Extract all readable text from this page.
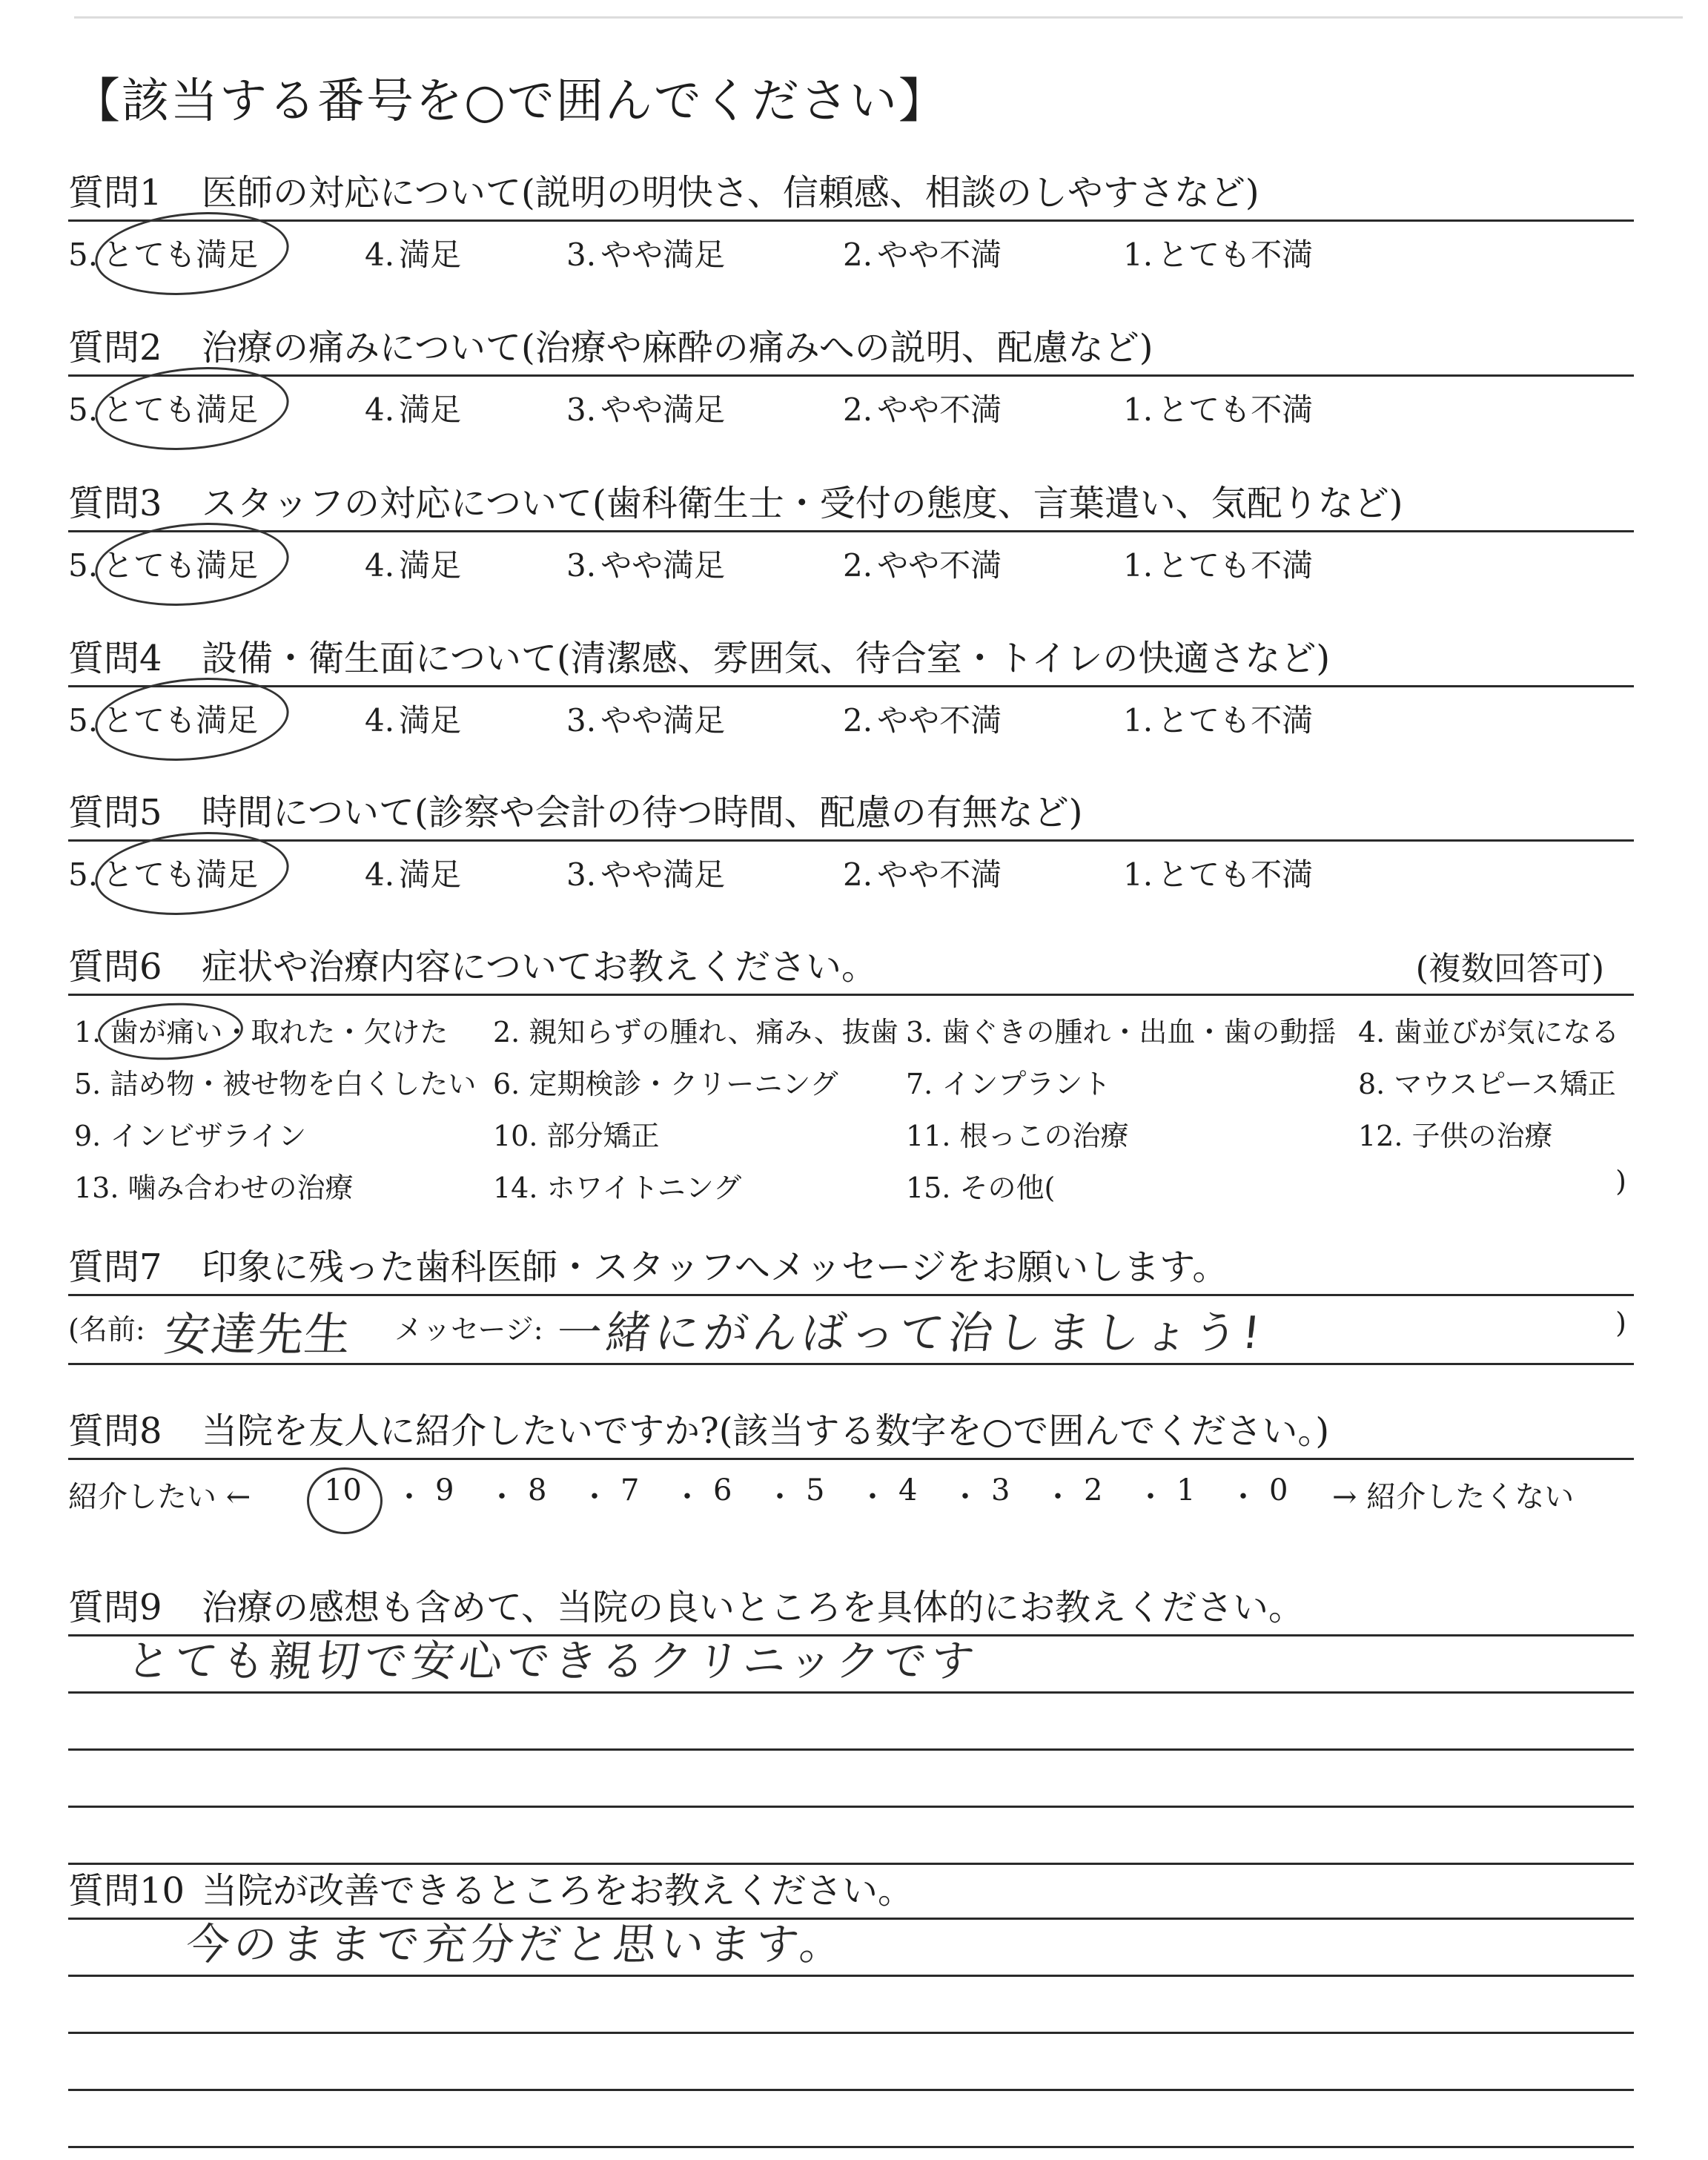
【該当する番号を○で囲んでください】
質問1 医師の対応について(説明の明快さ、信頼感、相談のしやすさなど)
5. とても満足	4. 満足	3. やや満足	2. やや不満	1. とても不満
質問2 治療の痛みについて(治療や麻酔の痛みへの説明、配慮など)
5. とても満足	4. 満足	3. やや満足	2. やや不満	1. とても不満
質問3 スタッフの対応について(歯科衛生士・受付の態度、言葉遣い、気配りなど)
5. とても満足	4. 満足	3. やや満足	2. やや不満	1. とても不満
質問4 設備・衛生面について(清潔感、雰囲気、待合室・トイレの快適さなど)
5. とても満足	4. 満足	3. やや満足	2. やや不満	1. とても不満
質問5 時間について(診察や会計の待つ時間、配慮の有無など)
5. とても満足	4. 満足	3. やや満足	2. やや不満	1. とても不満
質問6 症状や治療内容についてお教えください。	(複数回答可)
1. 歯が痛い・取れた・欠けた 2. 親知らずの腫れ、痛み、抜歯 3. 歯ぐきの腫れ・出血・歯の動揺 4. 歯並びが気になる
5. 詰め物・被せ物を白くしたい 6. 定期検診・クリーニング 7. インプラント	8. マウスピース矯正
9. インビザライン	10. 部分矯正	11. 根っこの治療	12. 子供の治療
13. 噛み合わせの治療	14. ホワイトニング	15. その他(	)
質問7 印象に残った歯科医師・スタッフへメッセージをお願いします。
(名前: 安達先生 メッセージ: 一緒にがんばって治しましょう!	)
質問8 当院を友人に紹介したいですか?(該当する数字を○で囲んでください。)
紹介したい ← 10 ・ 9 ・ 8 ・ 7 ・ 6 ・ 5 ・ 4 ・ 3 ・ 2 ・ 1 ・ 0 → 紹介したくない
質問9 治療の感想も含めて、当院の良いところを具体的にお教えください。
とても親切で安心できるクリニックです
質問10 当院が改善できるところをお教えください。
今のままで充分だと思います。
